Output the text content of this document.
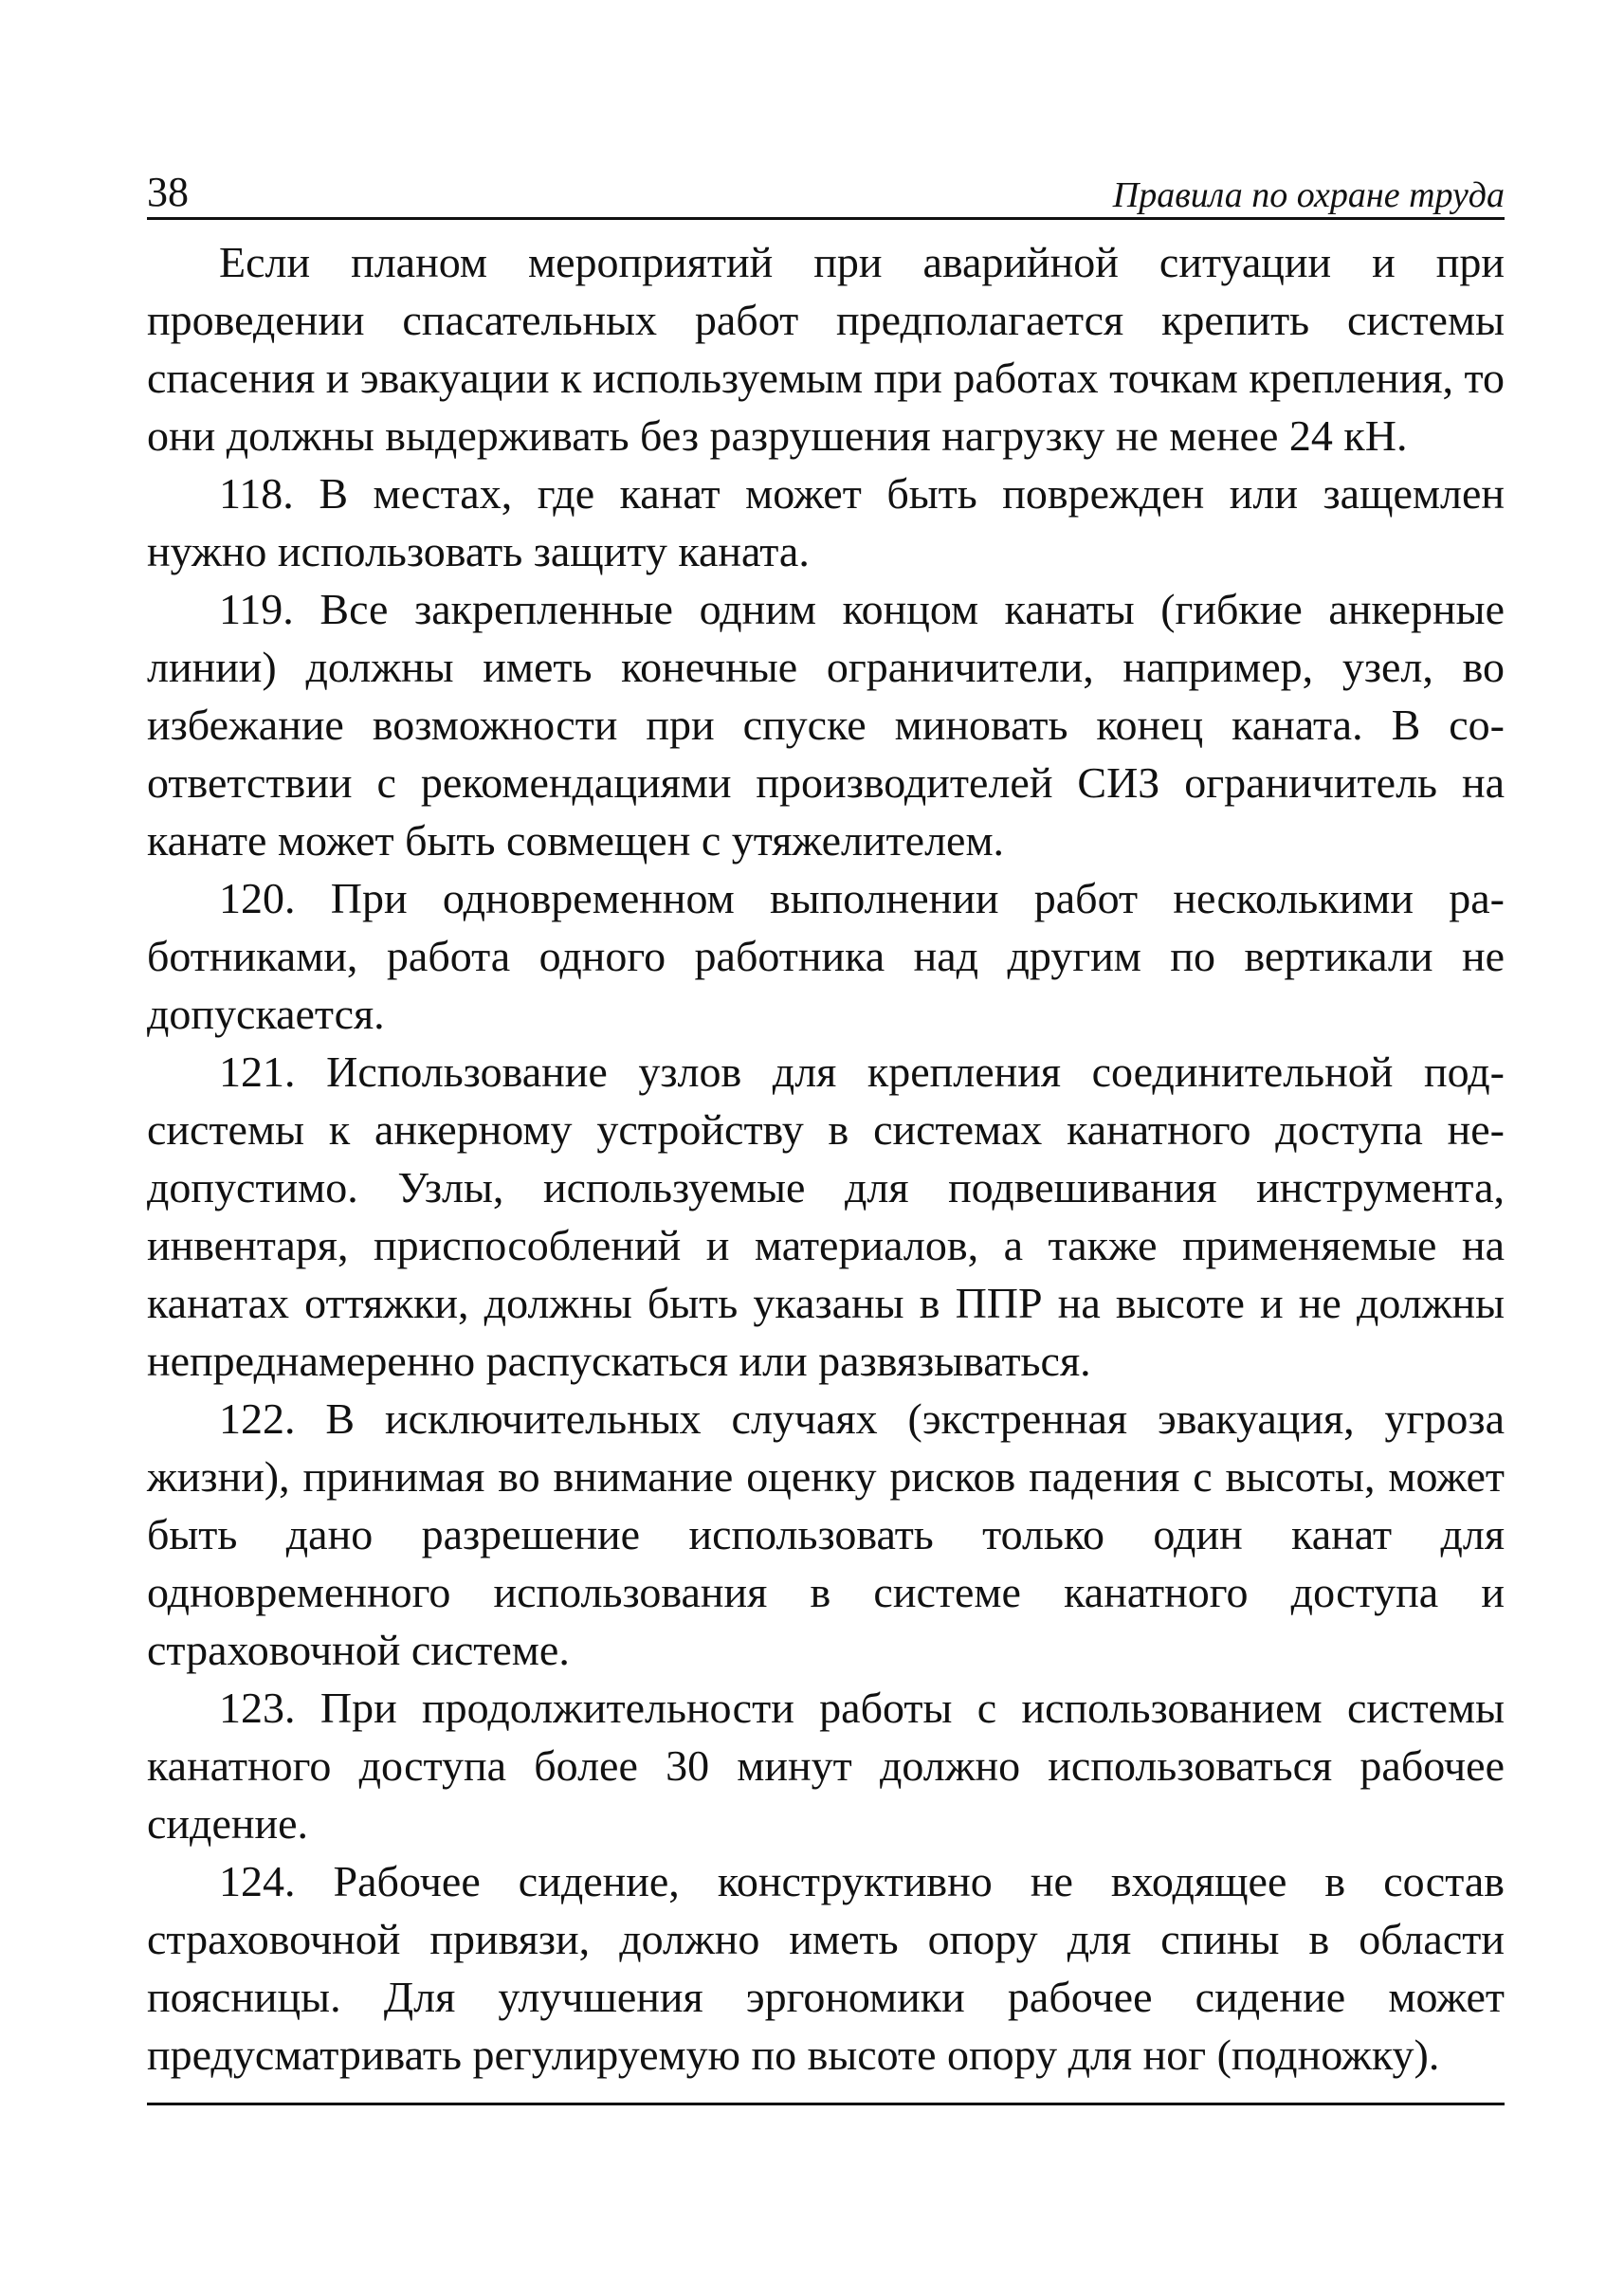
38	Правила по охране труда

Если планом мероприятий при аварийной ситуации и при проведении спасательных работ предполагается крепить системы спасения и эвакуации к используемым при работах точкам крепления, то они должны выдерживать без разрушения нагрузку не менее 24 кН.

118. В местах, где канат может быть поврежден или защемлен нужно использовать защиту каната.

119. Все закрепленные одним концом канаты (гибкие анкерные линии) должны иметь конечные ограничители, например, узел, во избежание возможности при спуске миновать конец каната. В соответствии с рекомендациями производителей СИЗ ограничитель на канате может быть совмещен с утяжелителем.

120. При одновременном выполнении работ несколькими работниками, работа одного работника над другим по вертикали не допускается.

121. Использование узлов для крепления соединительной подсистемы к анкерному устройству в системах канатного доступа недопустимо. Узлы, используемые для подвешивания инструмента, инвентаря, приспособлений и материалов, а также применяемые на канатах оттяжки, должны быть указаны в ППР на высоте и не должны непреднамеренно распускаться или развязываться.

122. В исключительных случаях (экстренная эвакуация, угроза жизни), принимая во внимание оценку рисков падения с высоты, может быть дано разрешение использовать только один канат для одновременного использования в системе канатного доступа и страховочной системе.

123. При продолжительности работы с использованием системы канатного доступа более 30 минут должно использоваться рабочее сидение.

124. Рабочее сидение, конструктивно не входящее в состав страховочной привязи, должно иметь опору для спины в области поясницы. Для улучшения эргономики рабочее сидение может предусматривать регулируемую по высоте опору для ног (подножку).
